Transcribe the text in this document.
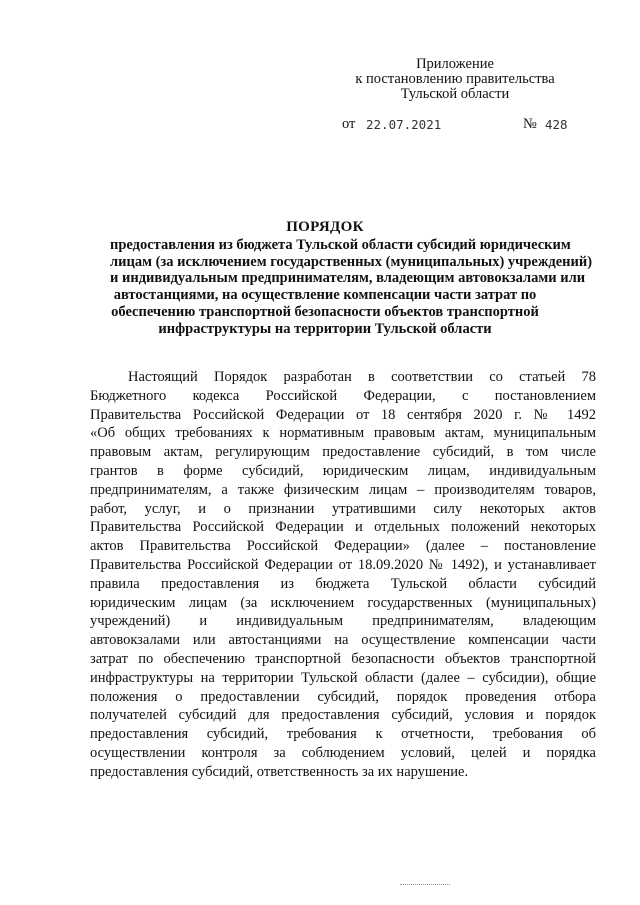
Приложение
к постановлению правительства
Тульской области
от 22.07.2021	№ 428
ПОРЯДОК
предоставления из бюджета Тульской области субсидий юридическим
лицам (за исключением государственных (муниципальных) учреждений)
и индивидуальным предпринимателям, владеющим автовокзалами или
автостанциями, на осуществление компенсации части затрат по
обеспечению транспортной безопасности объектов транспортной
инфраструктуры на территории Тульской области
Настоящий Порядок разработан в соответствии со статьей 78
Бюджетного кодекса Российской Федерации, с постановлением
Правительства Российской Федерации от 18 сентября 2020 г. № 1492
«Об общих требованиях к нормативным правовым актам, муниципальным
правовым актам, регулирующим предоставление субсидий, в том числе
грантов в форме субсидий, юридическим лицам, индивидуальным
предпринимателям, а также физическим лицам – производителям товаров,
работ, услуг, и о признании утратившими силу некоторых актов
Правительства Российской Федерации и отдельных положений некоторых
актов Правительства Российской Федерации» (далее – постановление
Правительства Российской Федерации от 18.09.2020 № 1492), и устанавливает
правила предоставления из бюджета Тульской области субсидий
юридическим лицам (за исключением государственных (муниципальных)
учреждений) и индивидуальным предпринимателям, владеющим
автовокзалами или автостанциями на осуществление компенсации части
затрат по обеспечению транспортной безопасности объектов транспортной
инфраструктуры на территории Тульской области (далее – субсидии), общие
положения о предоставлении субсидий, порядок проведения отбора
получателей субсидий для предоставления субсидий, условия и порядок
предоставления субсидий, требования к отчетности, требования об
осуществлении контроля за соблюдением условий, целей и порядка
предоставления субсидий, ответственность за их нарушение.
